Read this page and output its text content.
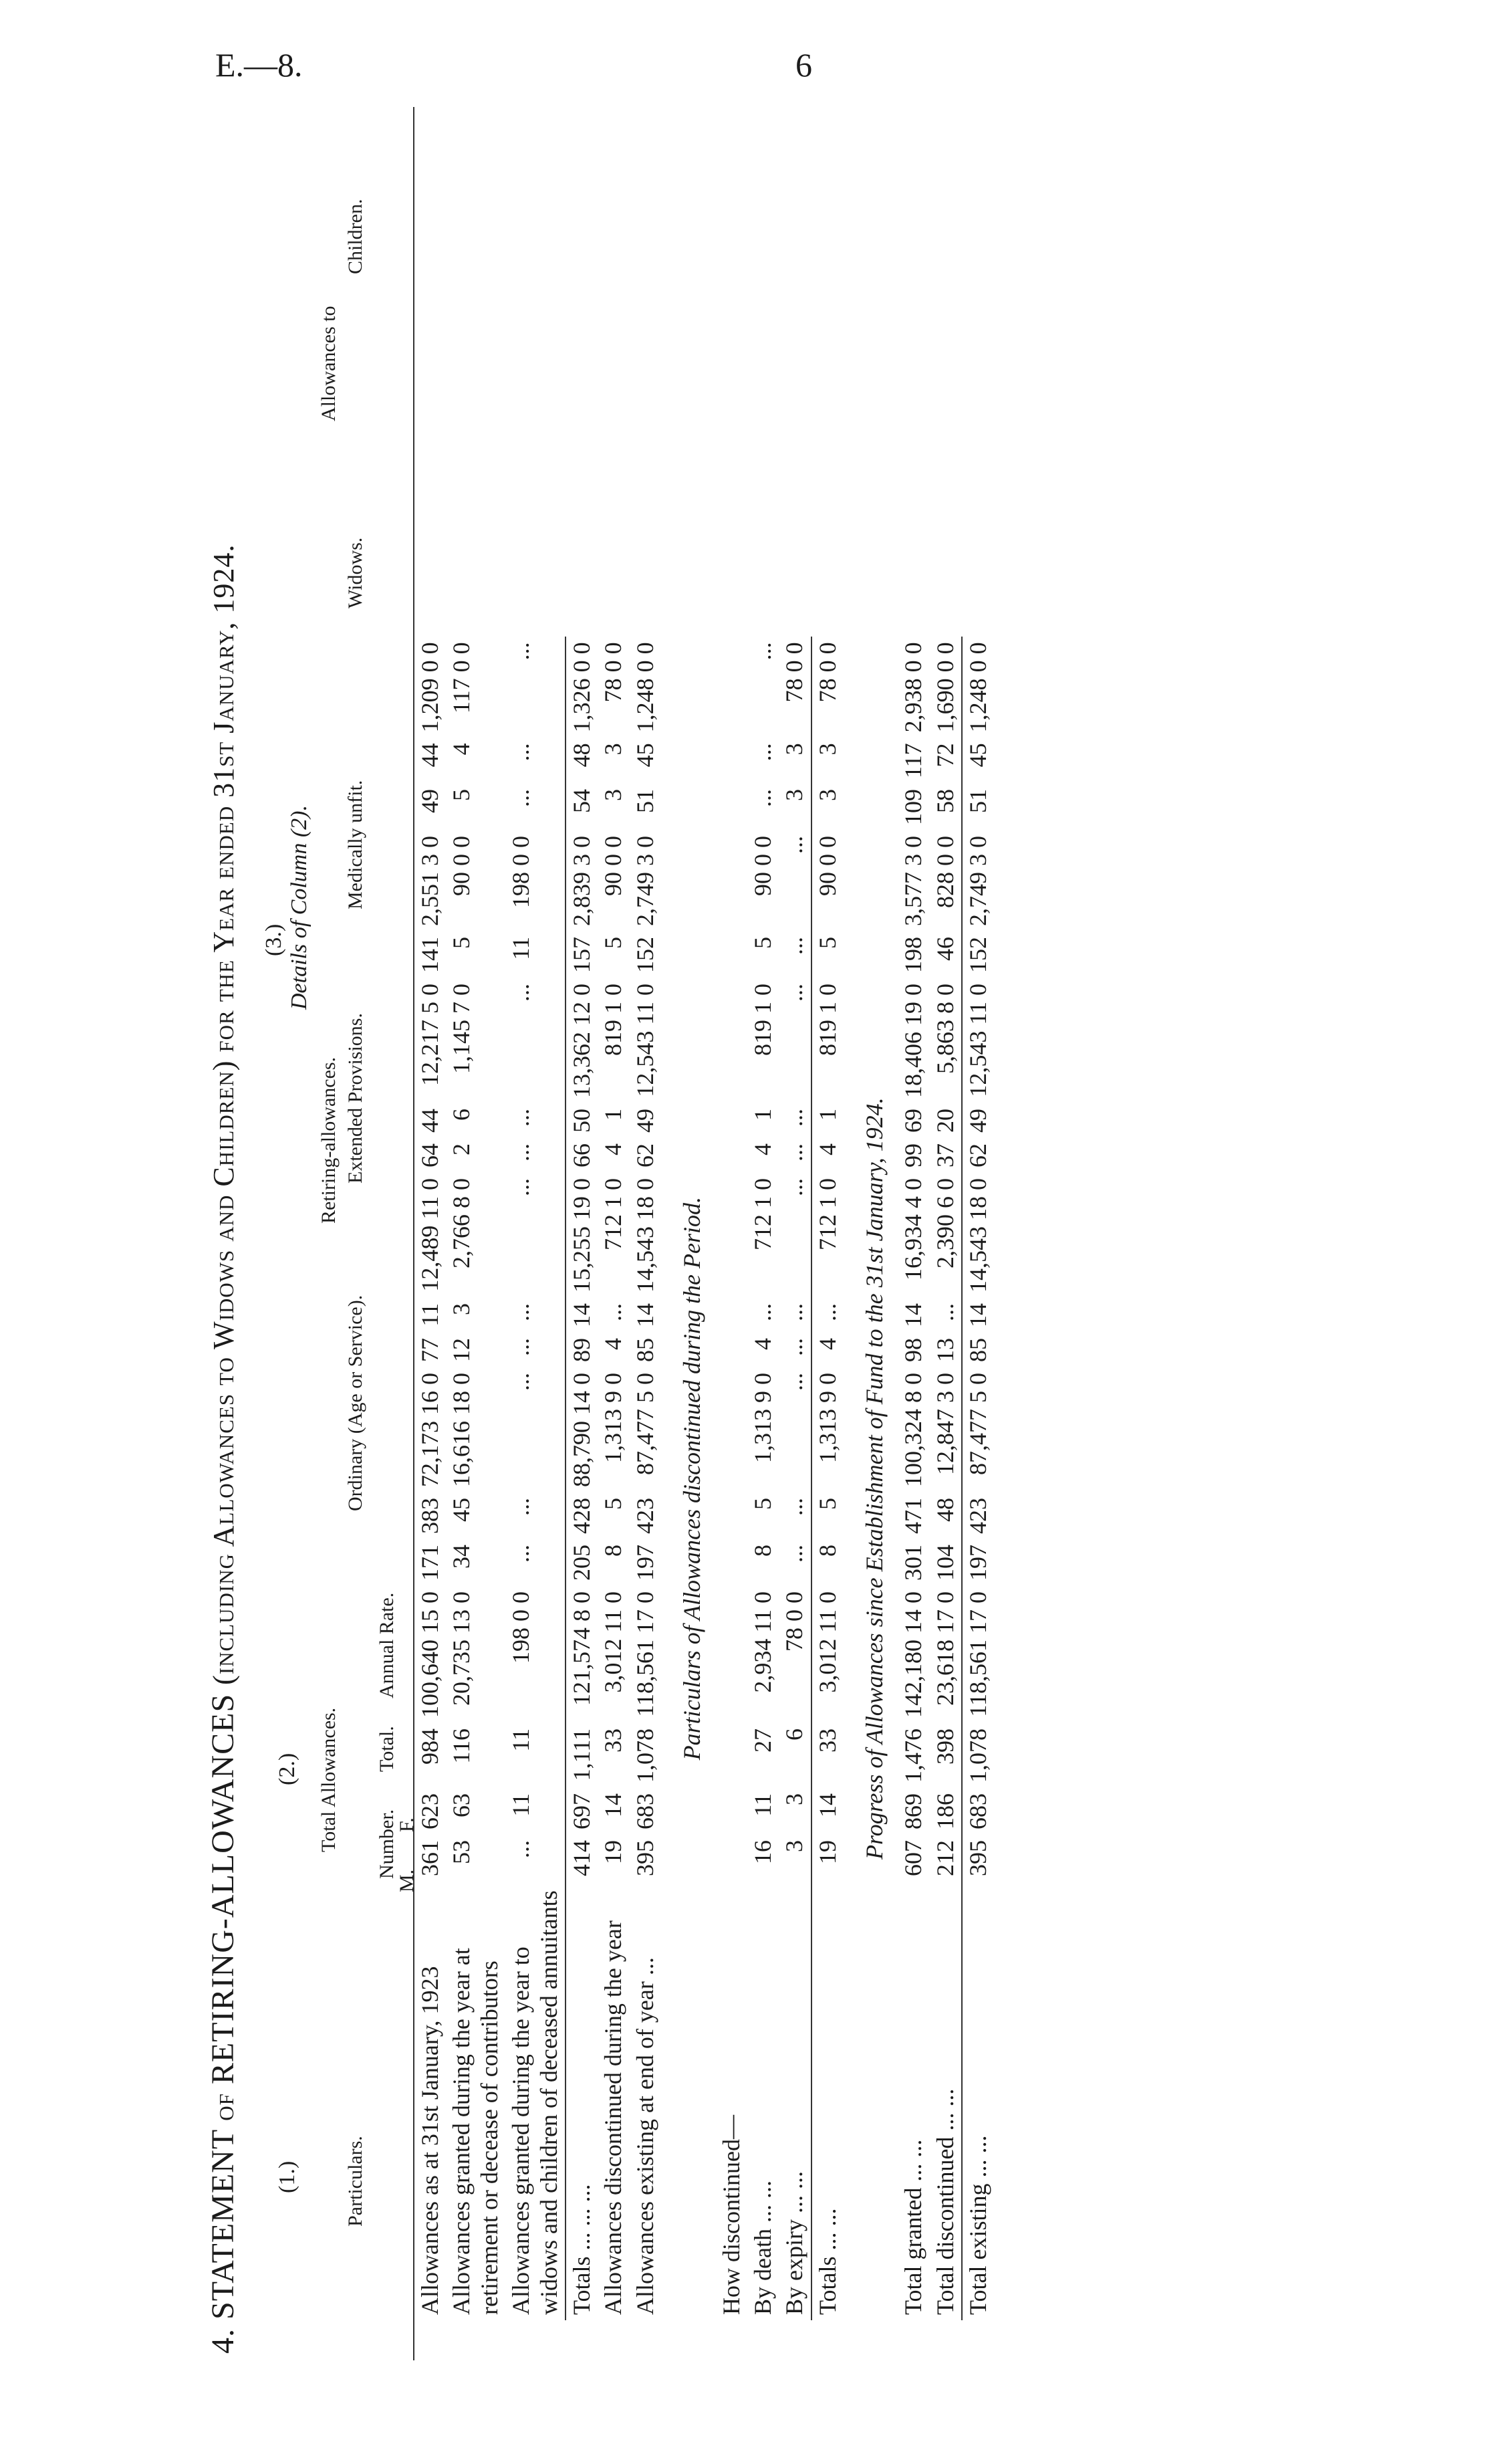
E.—8.	6
4. STATEMENT of RETIRING-ALLOWANCES (including Allowances to Widows and Children) for the Year ended 31st January, 1924.
(1.)
(2.)
(3.) Details of Column (2).
Particulars.
Total Allowances.
Retiring-allowances.
Allowances to
Ordinary (Age or Service).
Extended Provisions.
Medically unfit.
Widows.
Children.
Number.
Annual Rate.
Total.
M.
F.
Allowances as at 31st January, 1923	361	623	984	100,640 15 0	171	383	72,173 16 0	77	11	12,489 11 0	64	44	12,217 5 0	141	2,551 3 0	49	44	1,209 0 0
Allowances granted during the year at retirement or decease of contributors	53	63	116	20,735 13 0	34	45	16,616 18 0	12	3	2,766 8 0	2	6	1,145 7 0	5	90 0 0	5	4	117 0 0
Allowances granted during the year to widows and children of deceased annuitants	...	11	11	198 0 0	...	...	...	...	...	...	...	...	...	11	198 0 0	...	...	...
Totals ... ... ...	414	697	1,111	121,574 8 0	205	428	88,790 14 0	89	14	15,255 19 0	66	50	13,362 12 0	157	2,839 3 0	54	48	1,326 0 0
Allowances discontinued during the year	19	14	33	3,012 11 0	8	5	1,313 9 0	4	...	712 1 0	4	1	819 1 0	5	90 0 0	3	3	78 0 0
Allowances existing at end of year ...	395	683	1,078	118,561 17 0	197	423	87,477 5 0	85	14	14,543 18 0	62	49	12,543 11 0	152	2,749 3 0	51	45	1,248 0 0
Particulars of Allowances discontinued during the Period.																		
How discontinued—																		
By death ... ...	16	11	27	2,934 11 0	8	5	1,313 9 0	4	...	712 1 0	4	1	819 1 0	5	90 0 0	...	...	...
By expiry ... ...	3	3	6	78 0 0	...	...	...	...	...	...	...	...	...	...	...	3	3	78 0 0
Totals ... ...	19	14	33	3,012 11 0	8	5	1,313 9 0	4	...	712 1 0	4	1	819 1 0	5	90 0 0	3	3	78 0 0
Progress of Allowances since Establishment of Fund to the 31st January, 1924.																		
Total granted ... ...	607	869	1,476	142,180 14 0	301	471	100,324 8 0	98	14	16,934 4 0	99	69	18,406 19 0	198	3,577 3 0	109	117	2,938 0 0
Total discontinued ... ...	212	186	398	23,618 17 0	104	48	12,847 3 0	13	...	2,390 6 0	37	20	5,863 8 0	46	828 0 0	58	72	1,690 0 0
Total existing ... ...	395	683	1,078	118,561 17 0	197	423	87,477 5 0	85	14	14,543 18 0	62	49	12,543 11 0	152	2,749 3 0	51	45	1,248 0 0
